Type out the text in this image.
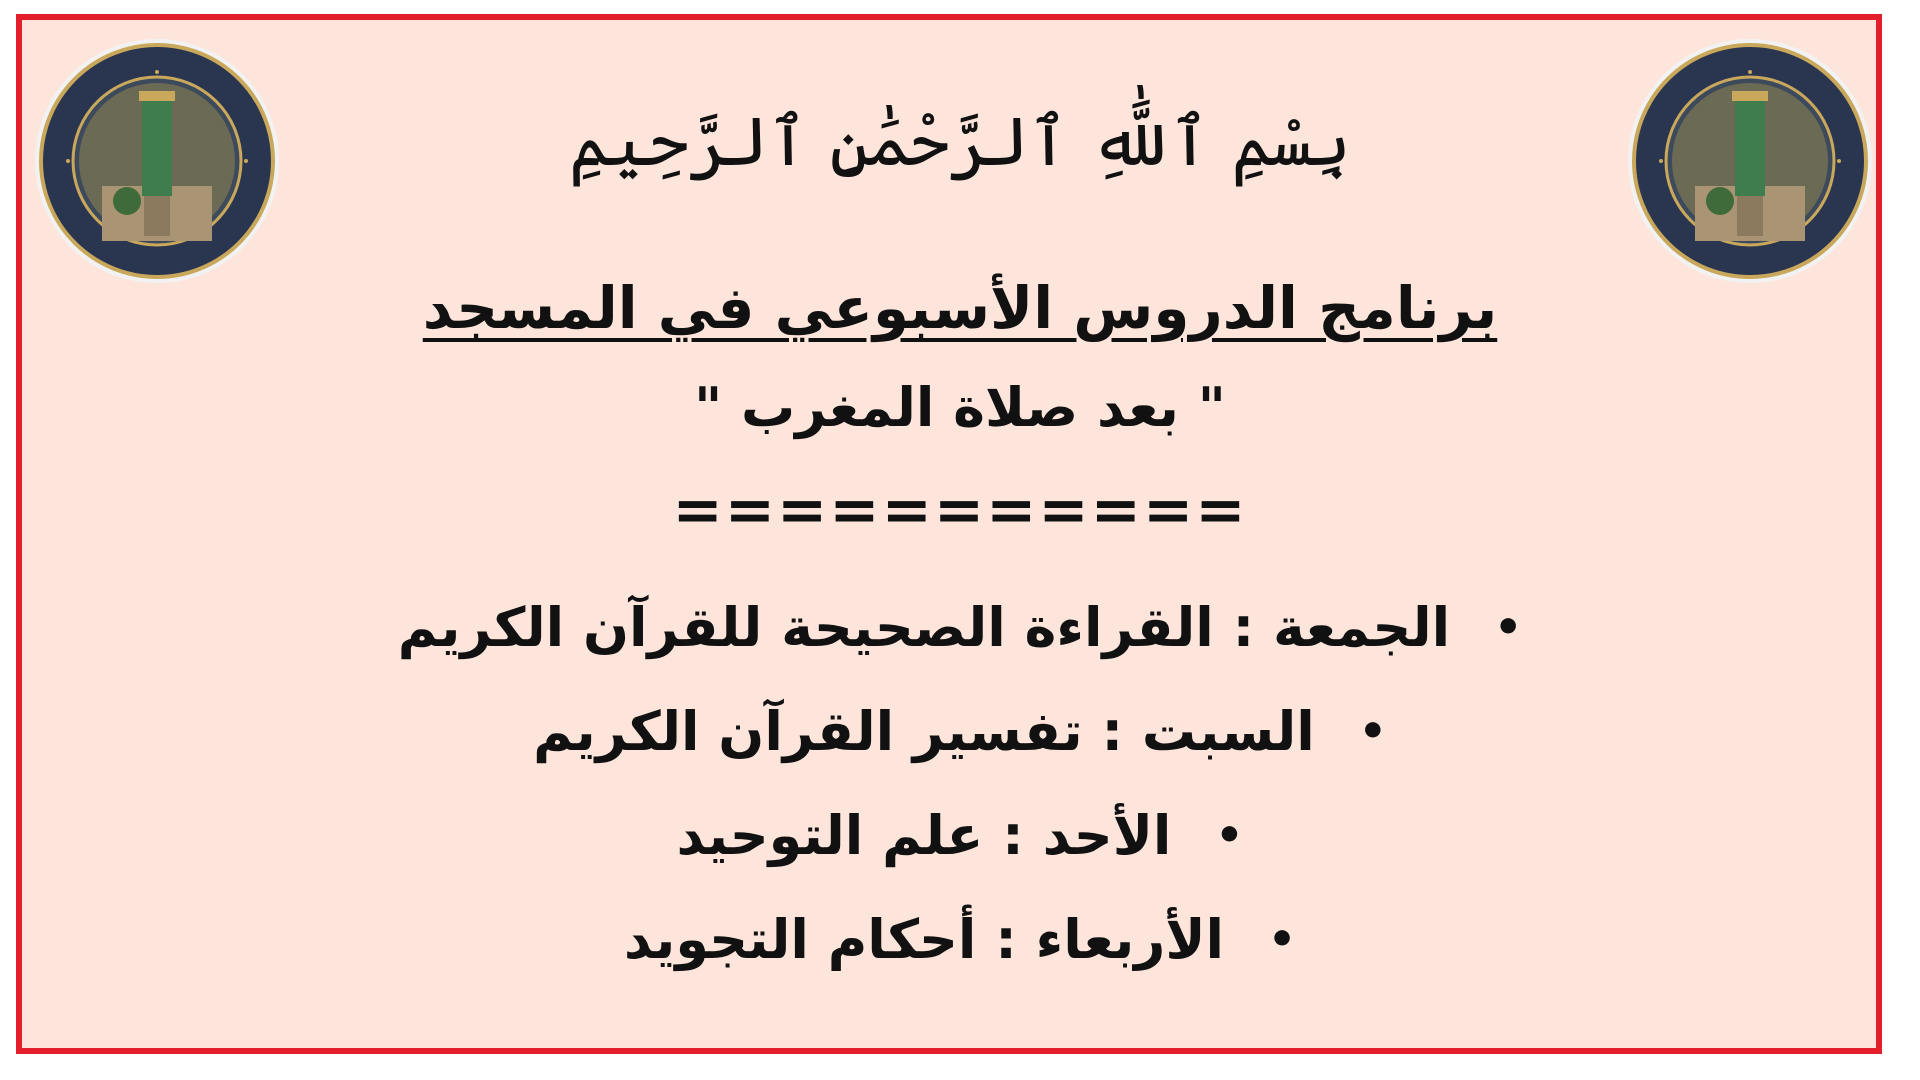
بِسْمِ ٱللَّٰهِ ٱلرَّحْمَٰنِ ٱلرَّحِيمِ
برنامج الدروس الأسبوعي في المسجد
" بعد صلاة المغرب "
===========
•
الجمعة : القراءة الصحيحة للقرآن الكريم
•
السبت : تفسير القرآن الكريم
•
الأحد : علم التوحيد
•
الأربعاء : أحكام التجويد
